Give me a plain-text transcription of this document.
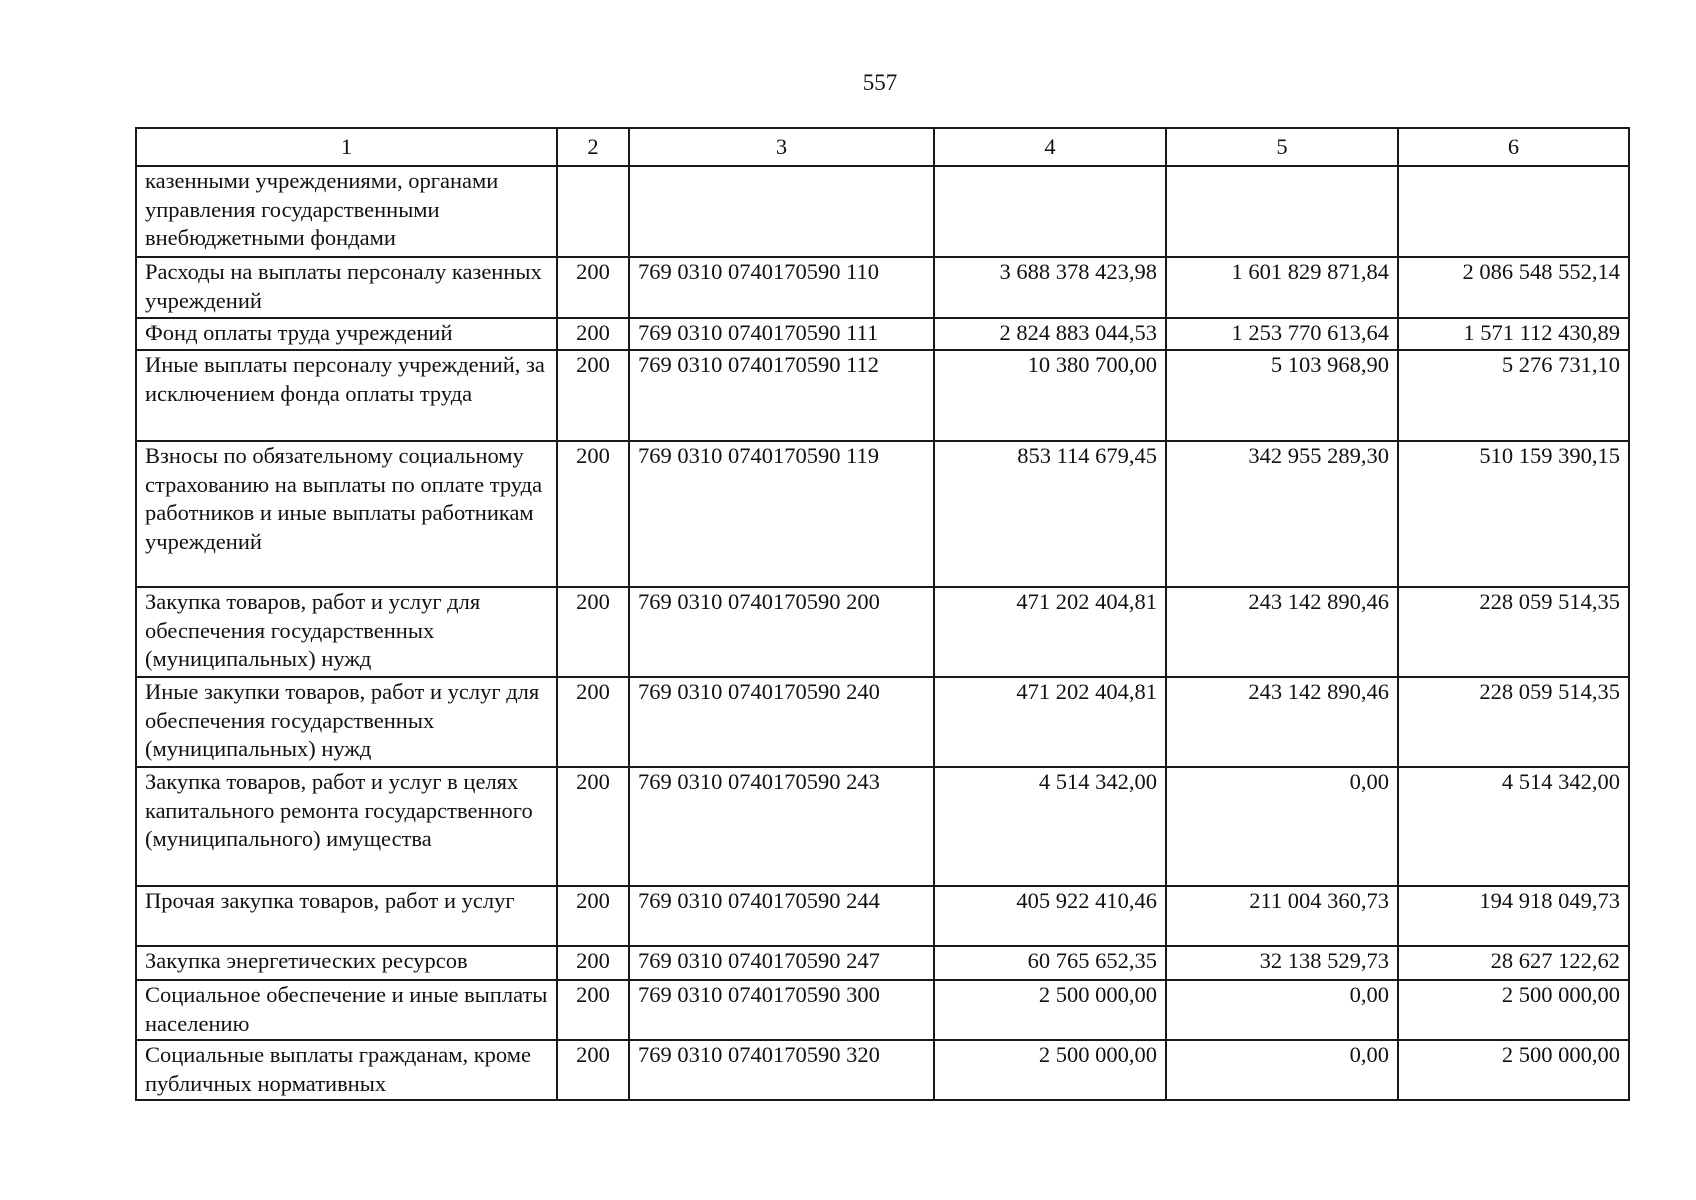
557
1	2	3	4	5	6
казенными учреждениями, органами управления государственными внебюджетными фондами					
Расходы на выплаты персоналу казенных учреждений	200	769 0310 0740170590 110	3 688 378 423,98	1 601 829 871,84	2 086 548 552,14
Фонд оплаты труда учреждений	200	769 0310 0740170590 111	2 824 883 044,53	1 253 770 613,64	1 571 112 430,89
Иные выплаты персоналу учреждений, за исключением фонда оплаты труда	200	769 0310 0740170590 112	10 380 700,00	5 103 968,90	5 276 731,10
Взносы по обязательному социальному страхованию на выплаты по оплате труда работников и иные выплаты работникам учреждений	200	769 0310 0740170590 119	853 114 679,45	342 955 289,30	510 159 390,15
Закупка товаров, работ и услуг для обеспечения государственных (муниципальных) нужд	200	769 0310 0740170590 200	471 202 404,81	243 142 890,46	228 059 514,35
Иные закупки товаров, работ и услуг для обеспечения государственных (муниципальных) нужд	200	769 0310 0740170590 240	471 202 404,81	243 142 890,46	228 059 514,35
Закупка товаров, работ и услуг в целях капитального ремонта государственного (муниципального) имущества	200	769 0310 0740170590 243	4 514 342,00	0,00	4 514 342,00
Прочая закупка товаров, работ и услуг	200	769 0310 0740170590 244	405 922 410,46	211 004 360,73	194 918 049,73
Закупка энергетических ресурсов	200	769 0310 0740170590 247	60 765 652,35	32 138 529,73	28 627 122,62
Социальное обеспечение и иные выплаты населению	200	769 0310 0740170590 300	2 500 000,00	0,00	2 500 000,00
Социальные выплаты гражданам, кроме публичных нормативных	200	769 0310 0740170590 320	2 500 000,00	0,00	2 500 000,00
